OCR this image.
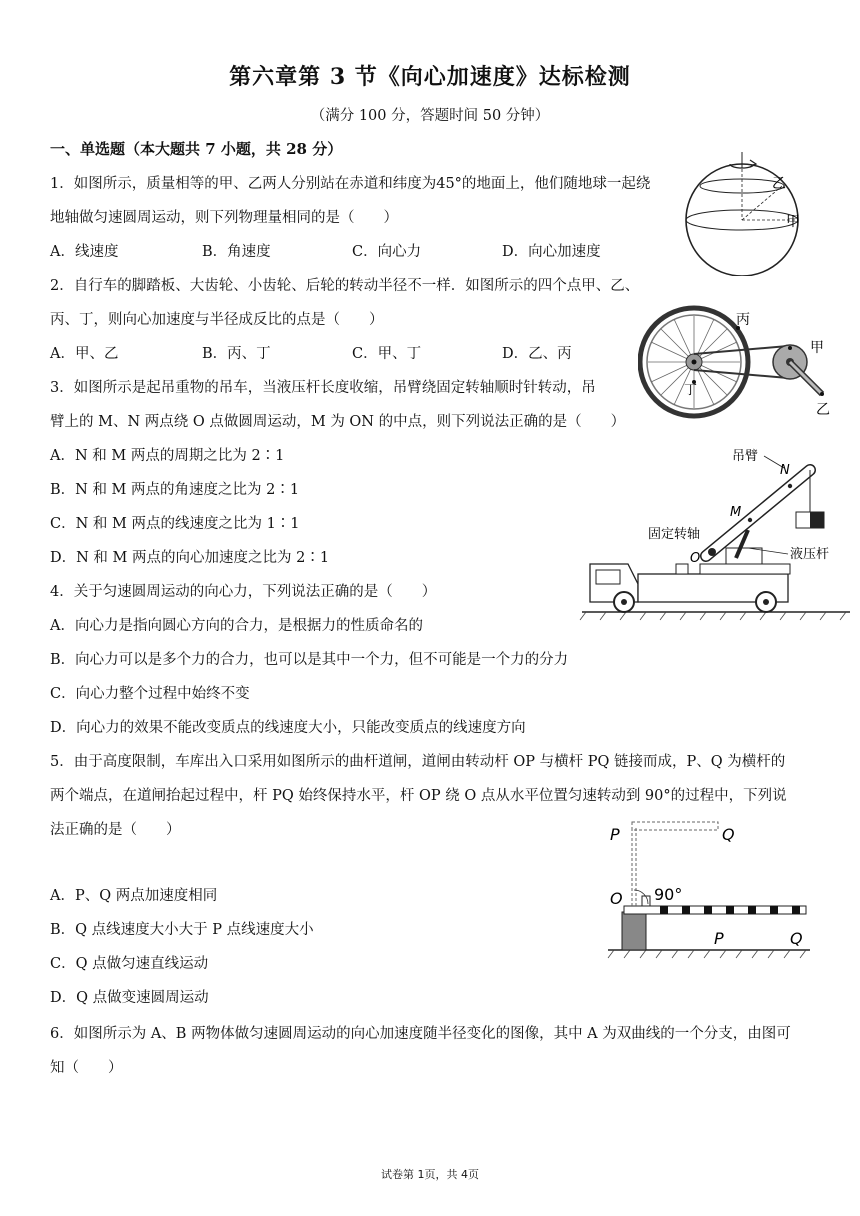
第六章第 3 节《向心加速度》达标检测
（满分 100 分，答题时间 50 分钟）
一、单选题（本大题共 7 小题，共 28 分）
1．如图所示，质量相等的甲、乙两人分别站在赤道和纬度为45°的地面上，他们随地球一起绕
地轴做匀速圆周运动，则下列物理量相同的是（　　）
A．线速度	B．角速度	C．向心力	D．向心加速度
乙
甲
2．自行车的脚踏板、大齿轮、小齿轮、后轮的转动半径不一样．如图所示的四个点甲、乙、
丙、丁，则向心加速度与半径成反比的点是（　　）
A．甲、乙	B．丙、丁	C．甲、丁	D．乙、丙
丙
甲
丁
乙
3．如图所示是起吊重物的吊车，当液压杆长度收缩，吊臂绕固定转轴顺时针转动，吊
臂上的 M、N 两点绕 O 点做圆周运动，M 为 ON 的中点，则下列说法正确的是（　　）
A．N 和 M 两点的周期之比为 2∶1
B．N 和 M 两点的角速度之比为 2∶1
C．N 和 M 两点的线速度之比为 1∶1
D．N 和 M 两点的向心加速度之比为 2∶1
吊臂
N
M
固定转轴
O	液压杆
4．关于匀速圆周运动的向心力，下列说法正确的是（　　）
A．向心力是指向圆心方向的合力，是根据力的性质命名的
B．向心力可以是多个力的合力，也可以是其中一个力，但不可能是一个力的分力
C．向心力整个过程中始终不变
D．向心力的效果不能改变质点的线速度大小，只能改变质点的线速度方向
5．由于高度限制，车库出入口采用如图所示的曲杆道闸，道闸由转动杆 OP 与横杆 PQ 链接而成，P、Q 为横杆的
两个端点，在道闸抬起过程中，杆 PQ 始终保持水平，杆 OP 绕 O 点从水平位置匀速转动到 90°的过程中，下列说
法正确的是（　　）
A．P、Q 两点加速度相同
B．Q 点线速度大小大于 P 点线速度大小
C．Q 点做匀速直线运动
D．Q 点做变速圆周运动
P	Q
O 90°
P	Q
6．如图所示为 A、B 两物体做匀速圆周运动的向心加速度随半径变化的图像，其中 A 为双曲线的一个分支，由图可
知（　　）
试卷第 1页，共 4页
